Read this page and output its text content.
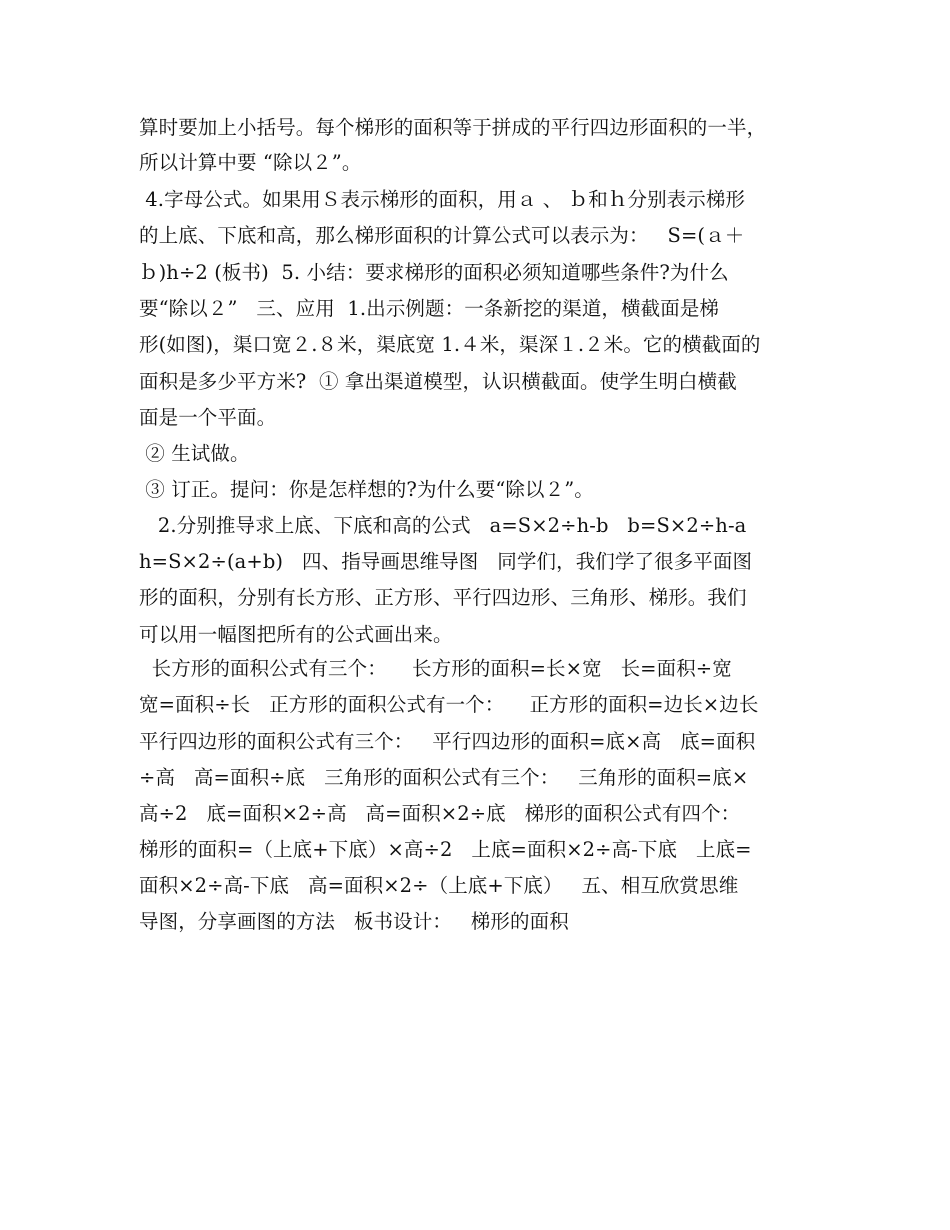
算时要加上小括号。每个梯形的面积等于拼成的平行四边形面积的一半，
所以计算中要 “除以２”。
4.字母公式。如果用Ｓ表示梯形的面积，用ａ 、 ｂ和ｈ分别表示梯形
的上底、下底和高，那么梯形面积的计算公式可以表示为：   S=(ａ＋
ｂ)h÷2 (板书)  5. 小结：要求梯形的面积必须知道哪些条件?为什么
要“除以２”   三、应用  1.出示例题：一条新挖的渠道，横截面是梯
形(如图)，渠口宽２.８米，渠底宽 1.４米，渠深１.２米。它的横截面的
面积是多少平方米?  ① 拿出渠道模型，认识横截面。使学生明白横截
面是一个平面。
② 生试做。
③ 订正。提问：你是怎样想的?为什么要“除以２”。
2.分别推导求上底、下底和高的公式   a=S×2÷h-b   b=S×2÷h-a
h=S×2÷(a+b)   四、指导画思维导图   同学们，我们学了很多平面图
形的面积，分别有长方形、正方形、平行四边形、三角形、梯形。我们
可以用一幅图把所有的公式画出来。
长方形的面积公式有三个：    长方形的面积=长×宽   长=面积÷宽
宽=面积÷长   正方形的面积公式有一个：    正方形的面积=边长×边长
平行四边形的面积公式有三个：   平行四边形的面积=底×高   底=面积
÷高   高=面积÷底   三角形的面积公式有三个：   三角形的面积=底×
高÷2   底=面积×2÷高   高=面积×2÷底   梯形的面积公式有四个：
梯形的面积=（上底+下底）×高÷2   上底=面积×2÷高-下底   上底=
面积×2÷高-下底   高=面积×2÷（上底+下底）   五、相互欣赏思维
导图，分享画图的方法   板书设计：   梯形的面积
